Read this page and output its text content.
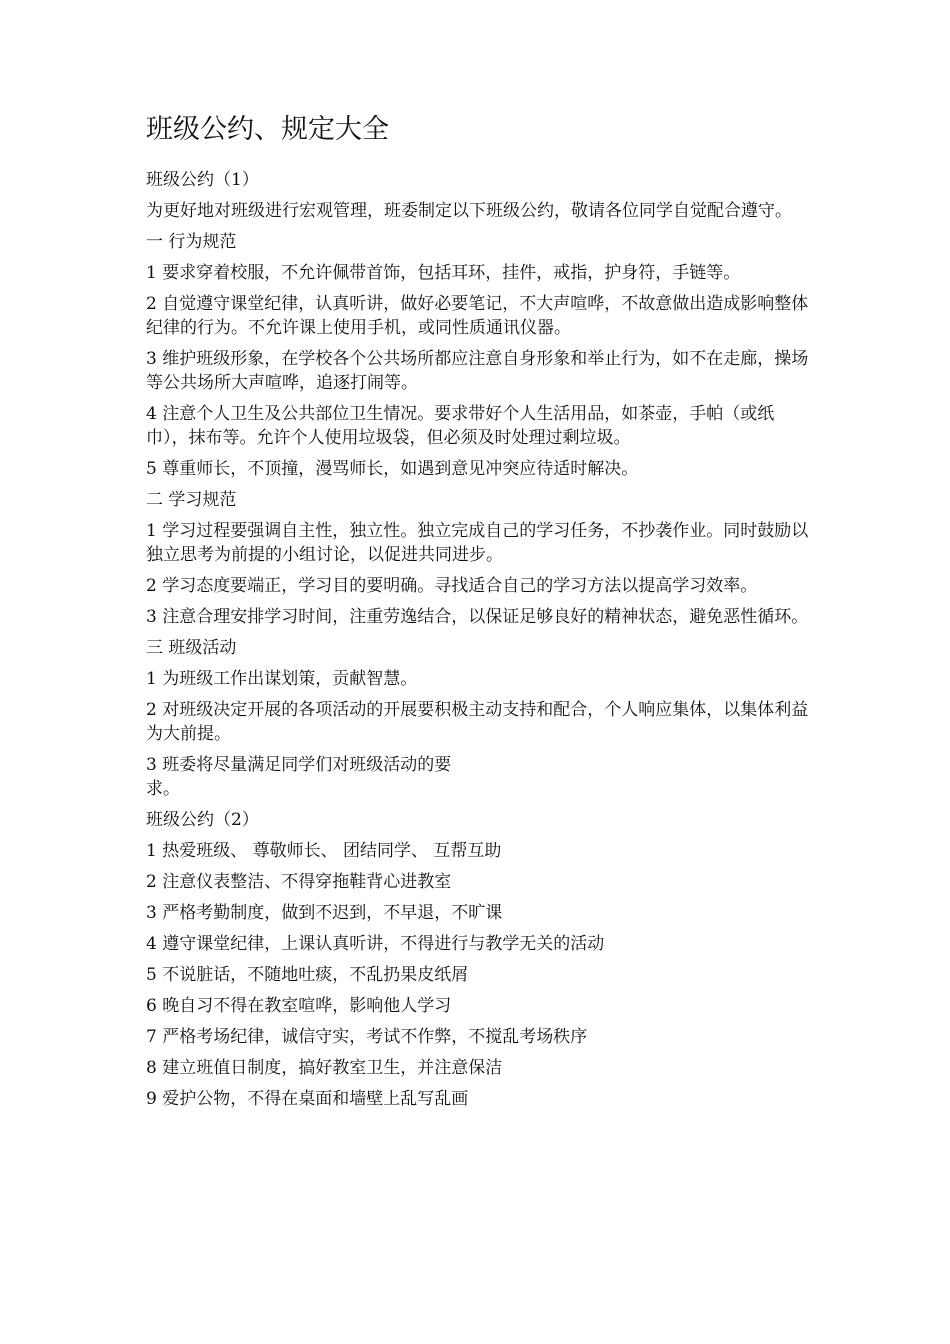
班级公约、规定大全

班级公约（1）

为更好地对班级进行宏观管理，班委制定以下班级公约，敬请各位同学自觉配合遵守。

一 行为规范

1 要求穿着校服，不允许佩带首饰，包括耳环，挂件，戒指，护身符，手链等。

2 自觉遵守课堂纪律，认真听讲，做好必要笔记，不大声喧哗，不故意做出造成影响整体纪律的行为。不允许课上使用手机，或同性质通讯仪器。

3 维护班级形象，在学校各个公共场所都应注意自身形象和举止行为，如不在走廊，操场等公共场所大声喧哗，追逐打闹等。

4 注意个人卫生及公共部位卫生情况。要求带好个人生活用品，如茶壶，手帕（或纸巾），抹布等。允许个人使用垃圾袋，但必须及时处理过剩垃圾。

5 尊重师长，不顶撞，漫骂师长，如遇到意见冲突应待适时解决。

二 学习规范

1 学习过程要强调自主性，独立性。独立完成自己的学习任务，不抄袭作业。同时鼓励以独立思考为前提的小组讨论，以促进共同进步。

2 学习态度要端正，学习目的要明确。寻找适合自己的学习方法以提高学习效率。

3 注意合理安排学习时间，注重劳逸结合，以保证足够良好的精神状态，避免恶性循环。

三 班级活动

1 为班级工作出谋划策，贡献智慧。

2 对班级决定开展的各项活动的开展要积极主动支持和配合，个人响应集体，以集体利益为大前提。

3 班委将尽量满足同学们对班级活动的要
求。

班级公约（2）

1 热爱班级、 尊敬师长、 团结同学、 互帮互助

2 注意仪表整洁、不得穿拖鞋背心进教室

3 严格考勤制度，做到不迟到，不早退，不旷课

4 遵守课堂纪律，上课认真听讲，不得进行与教学无关的活动

5 不说脏话，不随地吐痰，不乱扔果皮纸屑

6 晚自习不得在教室喧哗，影响他人学习

7 严格考场纪律，诚信守实，考试不作弊，不搅乱考场秩序

8 建立班值日制度，搞好教室卫生，并注意保洁

9 爱护公物，不得在桌面和墙壁上乱写乱画
